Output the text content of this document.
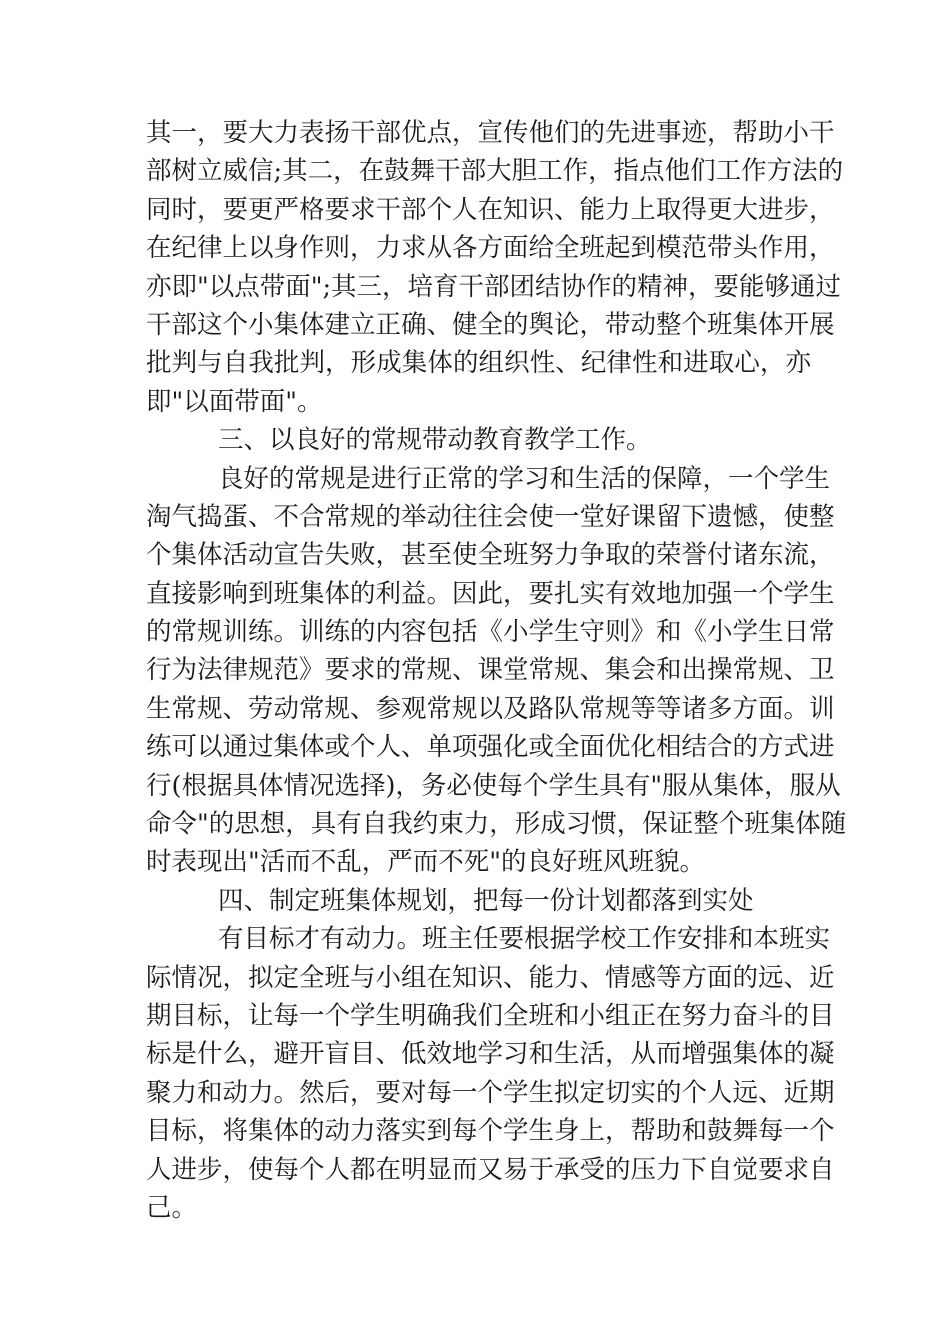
其一，要大力表扬干部优点，宣传他们的先进事迹，帮助小干
部树立威信;其二，在鼓舞干部大胆工作，指点他们工作方法的
同时，要更严格要求干部个人在知识、能力上取得更大进步，
在纪律上以身作则，力求从各方面给全班起到模范带头作用，
亦即"以点带面";其三，培育干部团结协作的精神，要能够通过
干部这个小集体建立正确、健全的舆论，带动整个班集体开展
批判与自我批判，形成集体的组织性、纪律性和进取心，亦
即"以面带面"。
三、以良好的常规带动教育教学工作。
良好的常规是进行正常的学习和生活的保障，一个学生
淘气捣蛋、不合常规的举动往往会使一堂好课留下遗憾，使整
个集体活动宣告失败，甚至使全班努力争取的荣誉付诸东流，
直接影响到班集体的利益。因此，要扎实有效地加强一个学生
的常规训练。训练的内容包括《小学生守则》和《小学生日常
行为法律规范》要求的常规、课堂常规、集会和出操常规、卫
生常规、劳动常规、参观常规以及路队常规等等诸多方面。训
练可以通过集体或个人、单项强化或全面优化相结合的方式进
行(根据具体情况选择)，务必使每个学生具有"服从集体，服从
命令"的思想，具有自我约束力，形成习惯，保证整个班集体随
时表现出"活而不乱，严而不死"的良好班风班貌。
四、制定班集体规划，把每一份计划都落到实处
有目标才有动力。班主任要根据学校工作安排和本班实
际情况，拟定全班与小组在知识、能力、情感等方面的远、近
期目标，让每一个学生明确我们全班和小组正在努力奋斗的目
标是什么，避开盲目、低效地学习和生活，从而增强集体的凝
聚力和动力。然后，要对每一个学生拟定切实的个人远、近期
目标，将集体的动力落实到每个学生身上，帮助和鼓舞每一个
人进步，使每个人都在明显而又易于承受的压力下自觉要求自
己。
